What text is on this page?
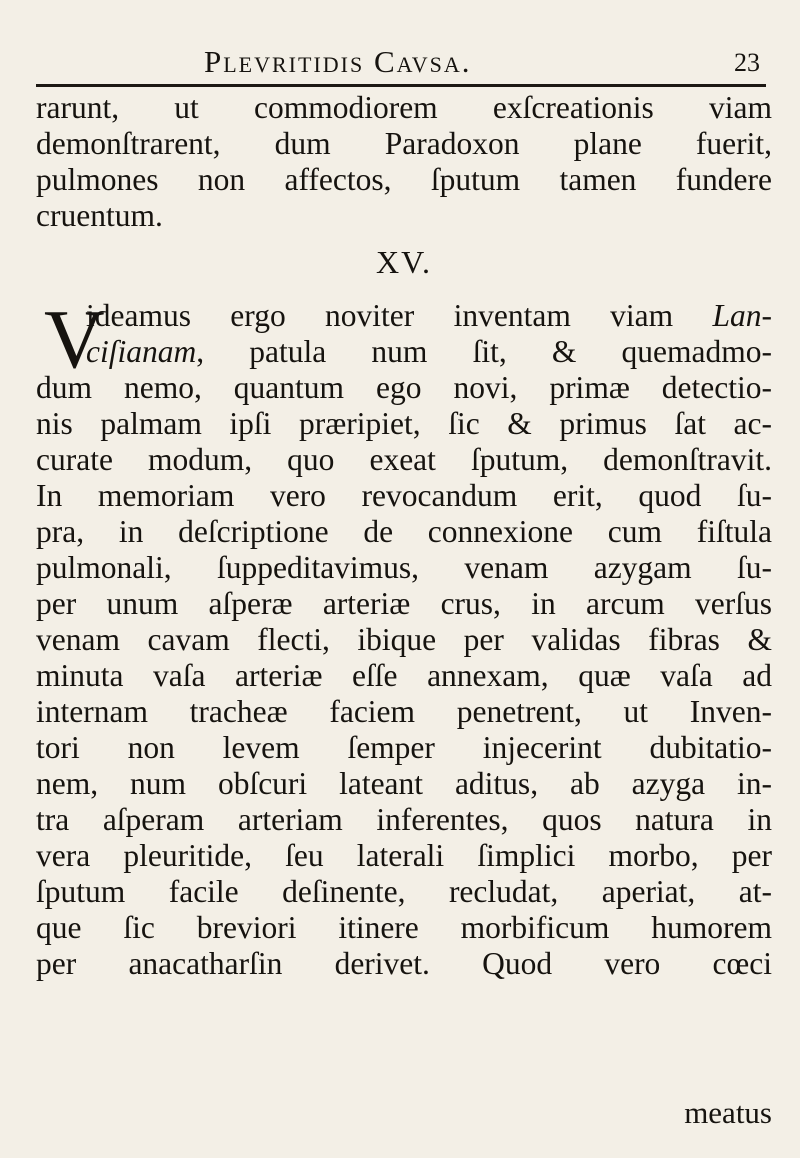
Plevritidis Cavsa.	23
rarunt, ut commodiorem exſcreationis viam
demonſtrarent, dum Paradoxon plane fuerit,
pulmones non affectos, ſputum tamen fundere
cruentum.
XV.
V
ideamus ergo noviter inventam viam Lan-
ciſianam, patula num ſit, & quemadmo-
dum nemo, quantum ego novi, primæ detectio-
nis palmam ipſi præripiet, ſic & primus ſat ac-
curate modum, quo exeat ſputum, demonſtravit.
In memoriam vero revocandum erit, quod ſu-
pra, in deſcriptione de connexione cum fiſtula
pulmonali, ſuppeditavimus, venam azygam ſu-
per unum aſperæ arteriæ crus, in arcum verſus
venam cavam flecti, ibique per validas fibras &
minuta vaſa arteriæ eſſe annexam, quæ vaſa ad
internam tracheæ faciem penetrent, ut Inven-
tori non levem ſemper injecerint dubitatio-
nem, num obſcuri lateant aditus, ab azyga in-
tra aſperam arteriam inferentes, quos natura in
vera pleuritide, ſeu laterali ſimplici morbo, per
ſputum facile deſinente, recludat, aperiat, at-
que ſic breviori itinere morbificum humorem
per anacatharſin derivet. Quod vero cœci
meatus
